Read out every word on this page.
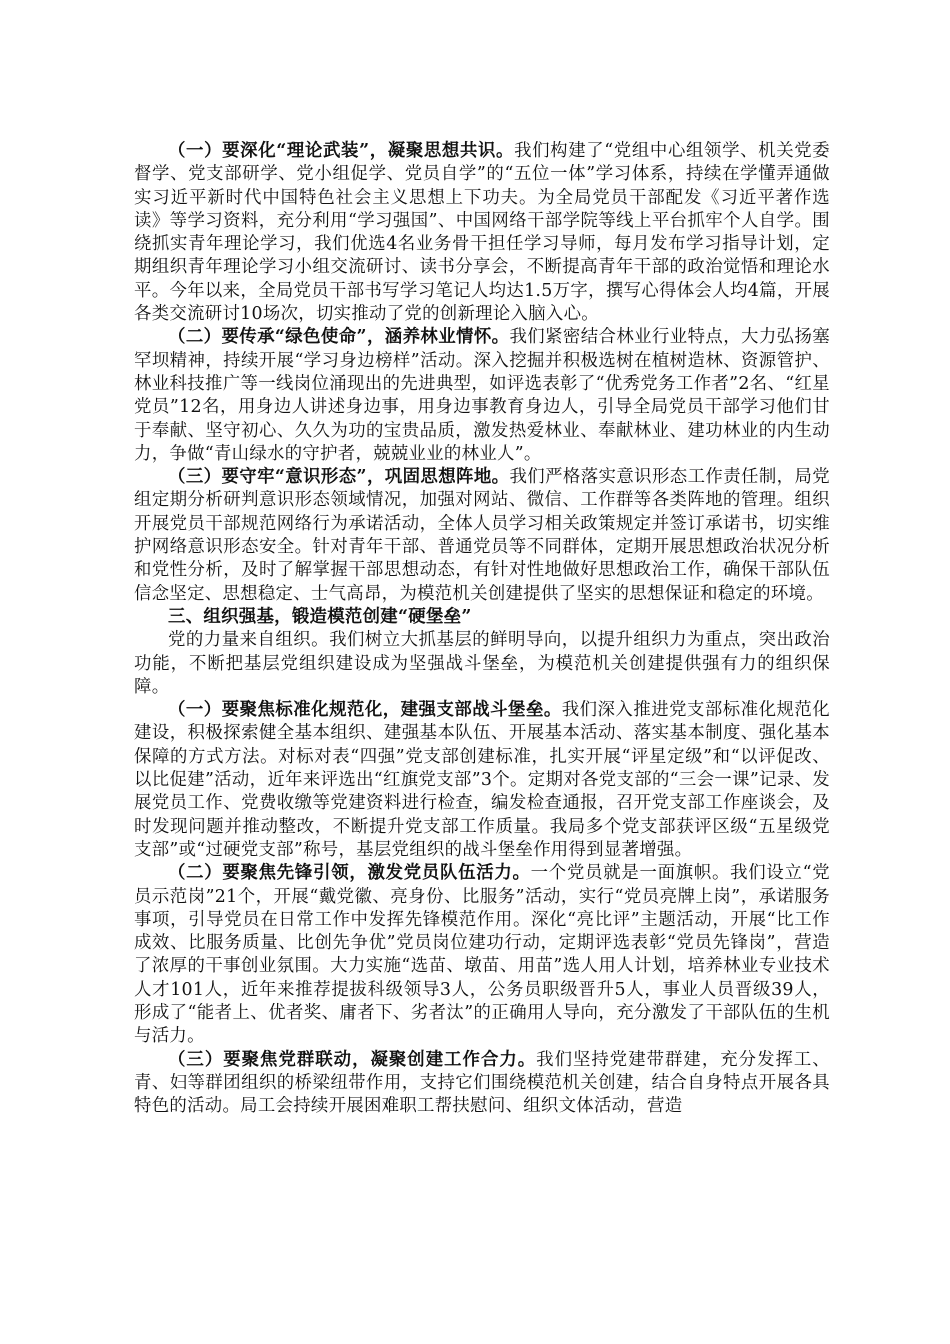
（一）要深化“理论武装”，凝聚思想共识。我们构建了“党组中心组领学、机关党委督学、党支部研学、党小组促学、党员自学”的“五位一体”学习体系，持续在学懂弄通做实习近平新时代中国特色社会主义思想上下功夫。为全局党员干部配发《习近平著作选读》等学习资料，充分利用“学习强国”、中国网络干部学院等线上平台抓牢个人自学。围绕抓实青年理论学习，我们优选4名业务骨干担任学习导师，每月发布学习指导计划，定期组织青年理论学习小组交流研讨、读书分享会，不断提高青年干部的政治觉悟和理论水平。今年以来，全局党员干部书写学习笔记人均达1.5万字，撰写心得体会人均4篇，开展各类交流研讨10场次，切实推动了党的创新理论入脑入心。

（二）要传承“绿色使命”，涵养林业情怀。我们紧密结合林业行业特点，大力弘扬塞罕坝精神，持续开展“学习身边榜样”活动。深入挖掘并积极选树在植树造林、资源管护、林业科技推广等一线岗位涌现出的先进典型，如评选表彰了“优秀党务工作者”2名、“红星党员”12名，用身边人讲述身边事，用身边事教育身边人，引导全局党员干部学习他们甘于奉献、坚守初心、久久为功的宝贵品质，激发热爱林业、奉献林业、建功林业的内生动力，争做“青山绿水的守护者，兢兢业业的林业人”。

（三）要守牢“意识形态”，巩固思想阵地。我们严格落实意识形态工作责任制，局党组定期分析研判意识形态领域情况，加强对网站、微信、工作群等各类阵地的管理。组织开展党员干部规范网络行为承诺活动，全体人员学习相关政策规定并签订承诺书，切实维护网络意识形态安全。针对青年干部、普通党员等不同群体，定期开展思想政治状况分析和党性分析，及时了解掌握干部思想动态，有针对性地做好思想政治工作，确保干部队伍信念坚定、思想稳定、士气高昂，为模范机关创建提供了坚实的思想保证和稳定的环境。

三、组织强基，锻造模范创建“硬堡垒”

党的力量来自组织。我们树立大抓基层的鲜明导向，以提升组织力为重点，突出政治功能，不断把基层党组织建设成为坚强战斗堡垒，为模范机关创建提供强有力的组织保障。

（一）要聚焦标准化规范化，建强支部战斗堡垒。我们深入推进党支部标准化规范化建设，积极探索健全基本组织、建强基本队伍、开展基本活动、落实基本制度、强化基本保障的方式方法。对标对表“四强”党支部创建标准，扎实开展“评星定级”和“以评促改、以比促建”活动，近年来评选出“红旗党支部”3个。定期对各党支部的“三会一课”记录、发展党员工作、党费收缴等党建资料进行检查，编发检查通报，召开党支部工作座谈会，及时发现问题并推动整改，不断提升党支部工作质量。我局多个党支部获评区级“五星级党支部”或“过硬党支部”称号，基层党组织的战斗堡垒作用得到显著增强。

（二）要聚焦先锋引领，激发党员队伍活力。一个党员就是一面旗帜。我们设立“党员示范岗”21个，开展“戴党徽、亮身份、比服务”活动，实行“党员亮牌上岗”，承诺服务事项，引导党员在日常工作中发挥先锋模范作用。深化“亮比评”主题活动，开展“比工作成效、比服务质量、比创先争优”党员岗位建功行动，定期评选表彰“党员先锋岗”，营造了浓厚的干事创业氛围。大力实施“选苗、墩苗、用苗”选人用人计划，培养林业专业技术人才101人，近年来推荐提拔科级领导3人，公务员职级晋升5人，事业人员晋级39人，形成了“能者上、优者奖、庸者下、劣者汰”的正确用人导向，充分激发了干部队伍的生机与活力。

（三）要聚焦党群联动，凝聚创建工作合力。我们坚持党建带群建，充分发挥工、青、妇等群团组织的桥梁纽带作用，支持它们围绕模范机关创建，结合自身特点开展各具特色的活动。局工会持续开展困难职工帮扶慰问、组织文体活动，营造
